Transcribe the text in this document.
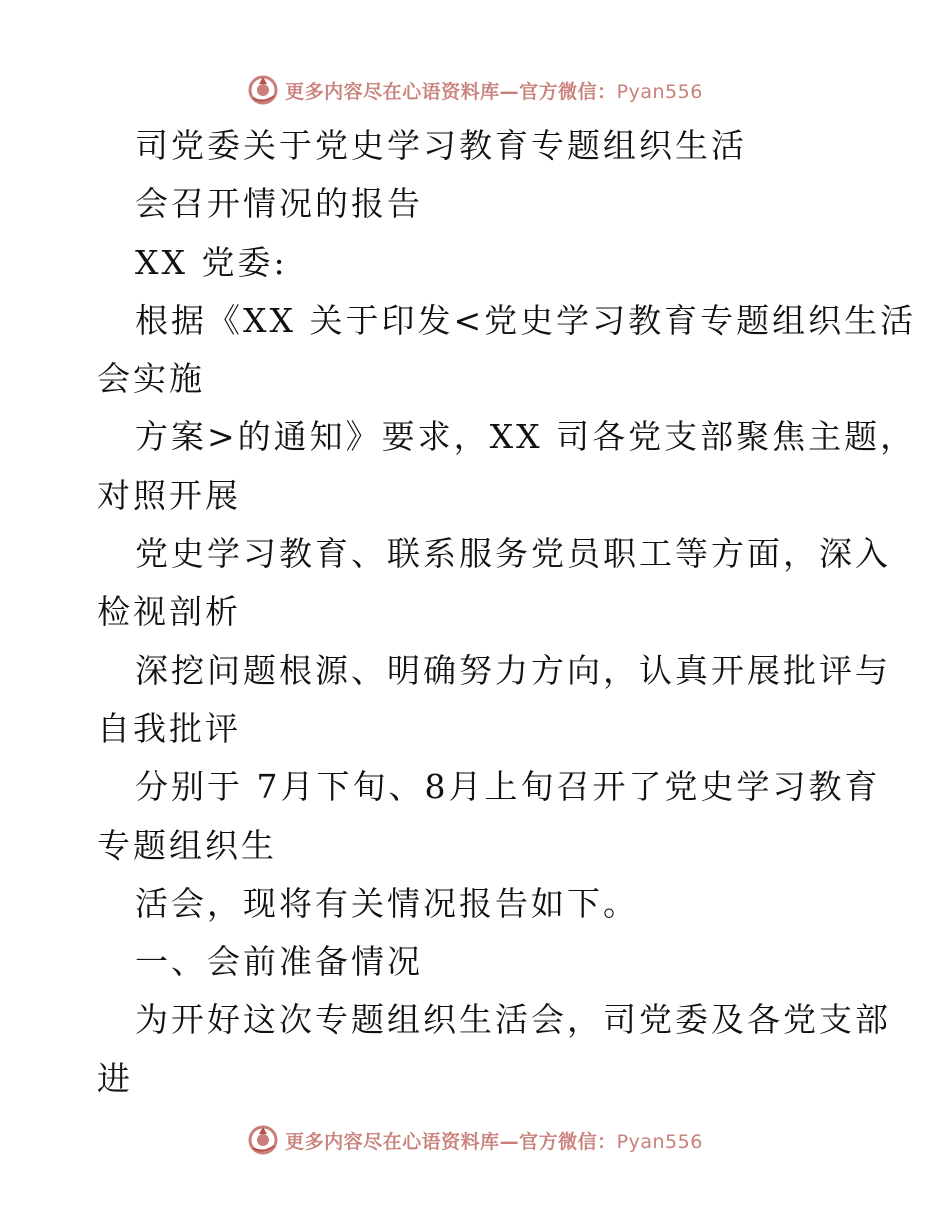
更多内容尽在心语资料库—官方微信：Pyan556
司党委关于党史学习教育专题组织生活
会召开情况的报告
XX 党委:
根据《XX 关于印发<党史学习教育专题组织生活
会实施
方案>的通知》要求，XX 司各党支部聚焦主题，
对照开展
党史学习教育、联系服务党员职工等方面，深入
检视剖析
深挖问题根源、明确努力方向，认真开展批评与
自我批评
分别于 7月下旬、8月上旬召开了党史学习教育
专题组织生
活会，现将有关情况报告如下。
一、会前准备情况
为开好这次专题组织生活会，司党委及各党支部
进
更多内容尽在心语资料库—官方微信：Pyan556
